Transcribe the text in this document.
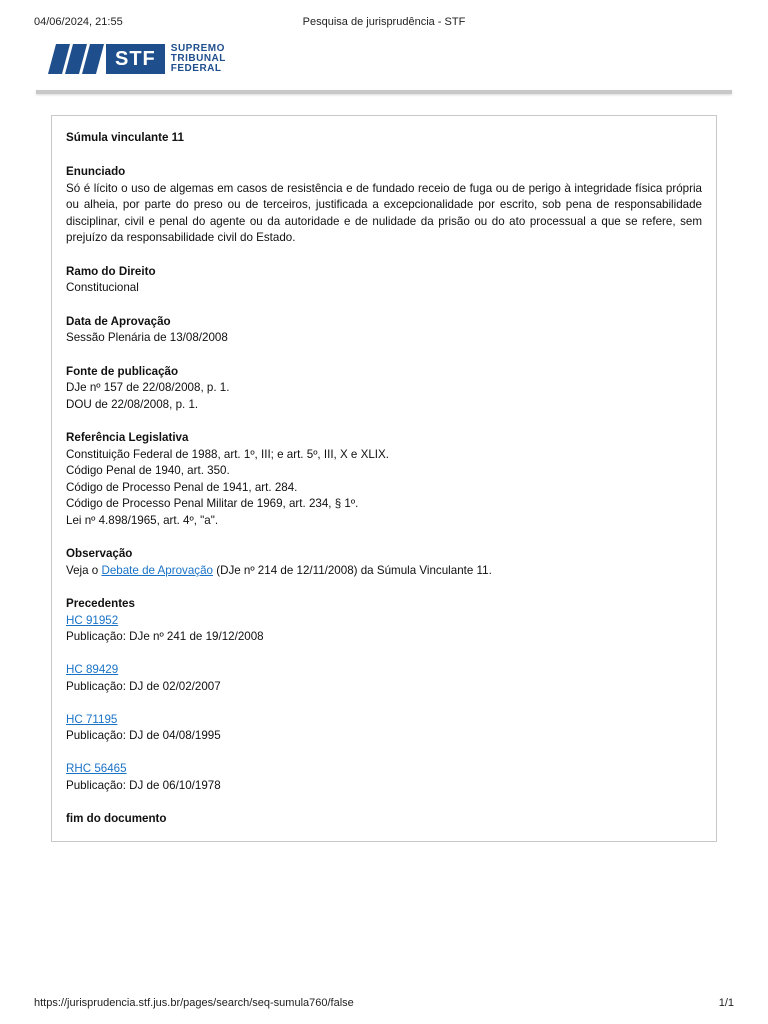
04/06/2024, 21:55	Pesquisa de jurisprudência - STF
STF	SUPREMO
TRIBUNAL
FEDERAL
Súmula vinculante 11
Enunciado
Só é lícito o uso de algemas em casos de resistência e de fundado receio de fuga ou de perigo à integridade física própria ou alheia, por parte do preso ou de terceiros, justificada a excepcionalidade por escrito, sob pena de responsabilidade disciplinar, civil e penal do agente ou da autoridade e de nulidade da prisão ou do ato processual a que se refere, sem prejuízo da responsabilidade civil do Estado.
Ramo do Direito
Constitucional
Data de Aprovação
Sessão Plenária de 13/08/2008
Fonte de publicação
DJe nº 157 de 22/08/2008, p. 1.
DOU de 22/08/2008, p. 1.
Referência Legislativa
Constituição Federal de 1988, art. 1º, III; e art. 5º, III, X e XLIX.
Código Penal de 1940, art. 350.
Código de Processo Penal de 1941, art. 284.
Código de Processo Penal Militar de 1969, art. 234, § 1º.
Lei nº 4.898/1965, art. 4º, "a".
Observação
Veja o Debate de Aprovação (DJe nº 214 de 12/11/2008) da Súmula Vinculante 11.
Precedentes
HC 91952
Publicação: DJe nº 241 de 19/12/2008
HC 89429
Publicação: DJ de 02/02/2007
HC 71195
Publicação: DJ de 04/08/1995
RHC 56465
Publicação: DJ de 06/10/1978
fim do documento
https://jurisprudencia.stf.jus.br/pages/search/seq-sumula760/false	1/1
